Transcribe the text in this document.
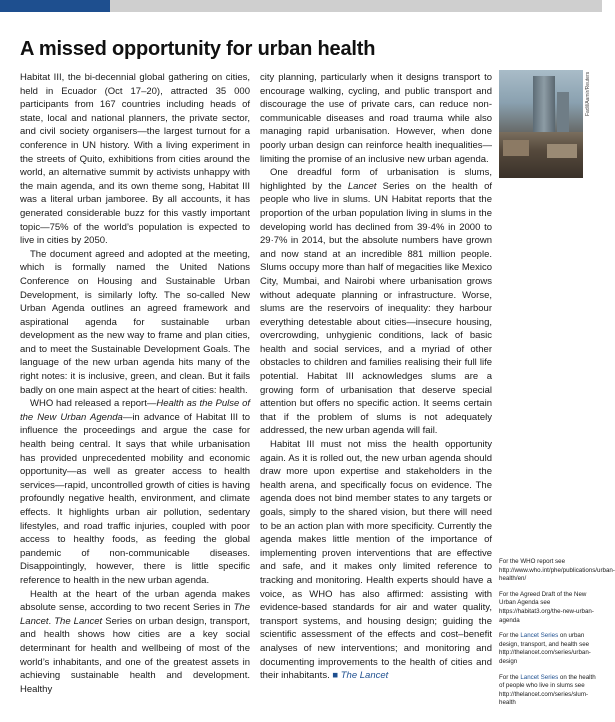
A missed opportunity for urban health

Habitat III, the bi-decennial global gathering on cities, held in Ecuador (Oct 17–20), attracted 35 000 participants from 167 countries including heads of state, local and national planners, the private sector, and civil society organisers—the largest turnout for a conference in UN history. With a living experiment in the streets of Quito, exhibitions from cities around the world, an alternative summit by activists unhappy with the main agenda, and its own theme song, Habitat III was a literal urban jamboree. By all accounts, it has generated considerable buzz for this vastly important topic—75% of the world’s population is expected to live in cities by 2050.

The document agreed and adopted at the meeting, which is formally named the United Nations Conference on Housing and Sustainable Urban Development, is similarly lofty. The so-called New Urban Agenda outlines an agreed framework and aspirational agenda for sustainable urban development as the new way to frame and plan cities, and to meet the Sustainable Development Goals. The language of the new urban agenda hits many of the right notes: it is inclusive, green, and clean. But it fails badly on one main aspect at the heart of cities: health.

WHO had released a report—Health as the Pulse of the New Urban Agenda—in advance of Habitat III to influence the proceedings and argue the case for health being central. It says that while urbanisation has provided unprecedented mobility and economic opportunity—as well as greater access to health services—rapid, uncontrolled growth of cities is having profoundly negative health, environment, and climate effects. It highlights urban air pollution, sedentary lifestyles, and road traffic injuries, coupled with poor access to healthy foods, as feeding the global pandemic of non-communicable diseases. Disappointingly, however, there is little specific reference to health in the new urban agenda.

Health at the heart of the urban agenda makes absolute sense, according to two recent Series in The Lancet. The Lancet Series on urban design, transport, and health shows how cities are a key social determinant for health and wellbeing of most of the world’s inhabitants, and one of the greatest assets in achieving sustainable health and development. Healthy

city planning, particularly when it designs transport to encourage walking, cycling, and public transport and discourage the use of private cars, can reduce non-communicable diseases and road trauma while also managing rapid urbanisation. However, when done poorly urban design can reinforce health inequalities—limiting the promise of an inclusive new urban agenda.

One dreadful form of urbanisation is slums, highlighted by the Lancet Series on the health of people who live in slums. UN Habitat reports that the proportion of the urban population living in slums in the developing world has declined from 39·4% in 2000 to 29·7% in 2014, but the absolute numbers have grown and now stand at an incredible 881 million people. Slums occupy more than half of megacities like Mexico City, Mumbai, and Nairobi where urbanisation grows without adequate planning or infrastructure. Worse, slums are the reservoirs of inequality: they harbour everything detestable about cities—insecure housing, overcrowding, unhygienic conditions, lack of basic health and social services, and a myriad of other obstacles to children and families realising their full life potential. Habitat III acknowledges slums are a growing form of urbanisation that deserve special attention but offers no specific action. It seems certain that if the problem of slums is not adequately addressed, the new urban agenda will fail.

Habitat III must not miss the health opportunity again. As it is rolled out, the new urban agenda should draw more upon expertise and stakeholders in the health arena, and specifically focus on evidence. The agenda does not bind member states to any targets or goals, simply to the shared vision, but there will need to be an action plan with more specificity. Currently the agenda makes little mention of the importance of implementing proven interventions that are effective and safe, and it makes only limited reference to tracking and monitoring. Health experts should have a voice, as WHO has also affirmed: assisting with evidence-based standards for air and water quality, transport systems, and housing design; guiding the scientific assessment of the effects and cost–benefit analyses of new interventions; and monitoring and documenting improvements to the health of cities and their inhabitants. ■ The Lancet

Fadil/Aamir/Reuters

For the WHO report see http://www.who.int/phe/publications/urban-health/en/

For the Agreed Draft of the New Urban Agenda see https://habitat3.org/the-new-urban-agenda

For the Lancet Series on urban design, transport, and health see http://thelancet.com/series/urban-design

For the Lancet Series on the health of people who live in slums see http://thelancet.com/series/slum-health
